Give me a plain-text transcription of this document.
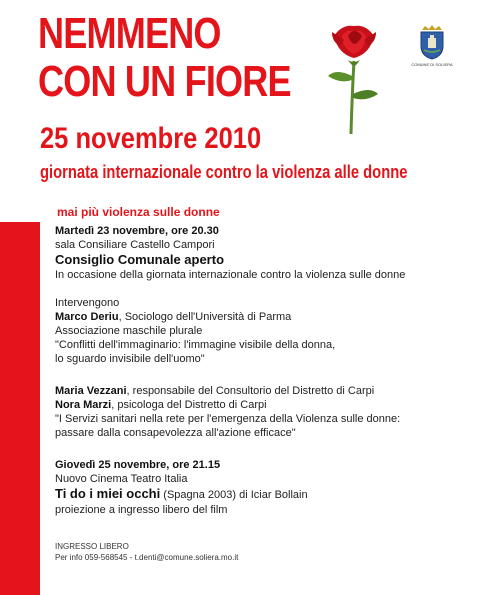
NEMMENO
CON UN FIORE
25 novembre 2010
giornata internazionale contro la violenza alle donne
COMUNE DI SOLIERA
mai più violenza sulle donne
Martedì 23 novembre, ore 20.30
sala Consiliare Castello Campori
Consiglio Comunale aperto
In occasione della giornata internazionale contro la violenza sulle donne
Intervengono
Marco Deriu, Sociologo dell'Università di Parma
Associazione maschile plurale
"Conflitti dell'immaginario: l'immagine visibile della donna,
lo sguardo invisibile dell'uomo"
Maria Vezzani, responsabile del Consultorio del Distretto di Carpi
Nora Marzi, psicologa del Distretto di Carpi
"I Servizi sanitari nella rete per l'emergenza della Violenza sulle donne:
passare dalla consapevolezza all'azione efficace"
Giovedì 25 novembre, ore 21.15
Nuovo Cinema Teatro Italia
Ti do i miei occhi (Spagna 2003) di Iciar Bollain
proiezione a ingresso libero del film
INGRESSO LIBERO
Per info 059-568545 - t.denti@comune.soliera.mo.it
